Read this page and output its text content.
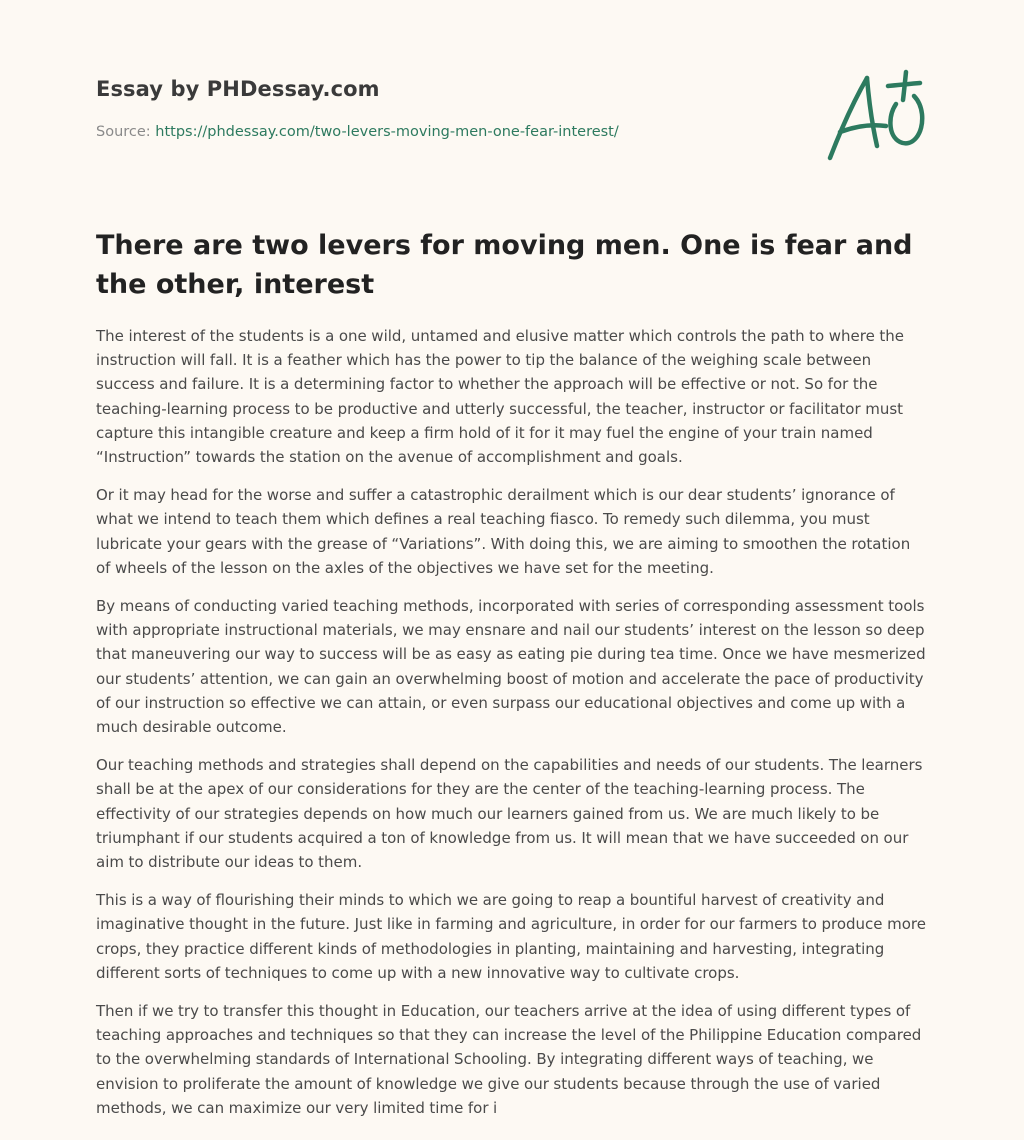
Essay by PHDessay.com
Source: https://phdessay.com/two-levers-moving-men-one-fear-interest/
There are two levers for moving men. One is fear and the other, interest

The interest of the students is a one wild, untamed and elusive matter which controls the path to where the instruction will fall. It is a feather which has the power to tip the balance of the weighing scale between success and failure. It is a determining factor to whether the approach will be effective or not. So for the teaching-learning process to be productive and utterly successful, the teacher, instructor or facilitator must capture this intangible creature and keep a firm hold of it for it may fuel the engine of your train named “Instruction” towards the station on the avenue of accomplishment and goals.

Or it may head for the worse and suffer a catastrophic derailment which is our dear students’ ignorance of what we intend to teach them which defines a real teaching fiasco. To remedy such dilemma, you must lubricate your gears with the grease of “Variations”. With doing this, we are aiming to smoothen the rotation of wheels of the lesson on the axles of the objectives we have set for the meeting.

By means of conducting varied teaching methods, incorporated with series of corresponding assessment tools with appropriate instructional materials, we may ensnare and nail our students’ interest on the lesson so deep that maneuvering our way to success will be as easy as eating pie during tea time. Once we have mesmerized our students’ attention, we can gain an overwhelming boost of motion and accelerate the pace of productivity of our instruction so effective we can attain, or even surpass our educational objectives and come up with a much desirable outcome.

Our teaching methods and strategies shall depend on the capabilities and needs of our students. The learners shall be at the apex of our considerations for they are the center of the teaching-learning process. The effectivity of our strategies depends on how much our learners gained from us. We are much likely to be triumphant if our students acquired a ton of knowledge from us. It will mean that we have succeeded on our aim to distribute our ideas to them.

This is a way of flourishing their minds to which we are going to reap a bountiful harvest of creativity and imaginative thought in the future. Just like in farming and agriculture, in order for our farmers to produce more crops, they practice different kinds of methodologies in planting, maintaining and harvesting, integrating different sorts of techniques to come up with a new innovative way to cultivate crops.

Then if we try to transfer this thought in Education, our teachers arrive at the idea of using different types of teaching approaches and techniques so that they can increase the level of the Philippine Education compared to the overwhelming standards of International Schooling. By integrating different ways of teaching, we envision to proliferate the amount of knowledge we give our students because through the use of varied methods, we can maximize our very limited time for i
